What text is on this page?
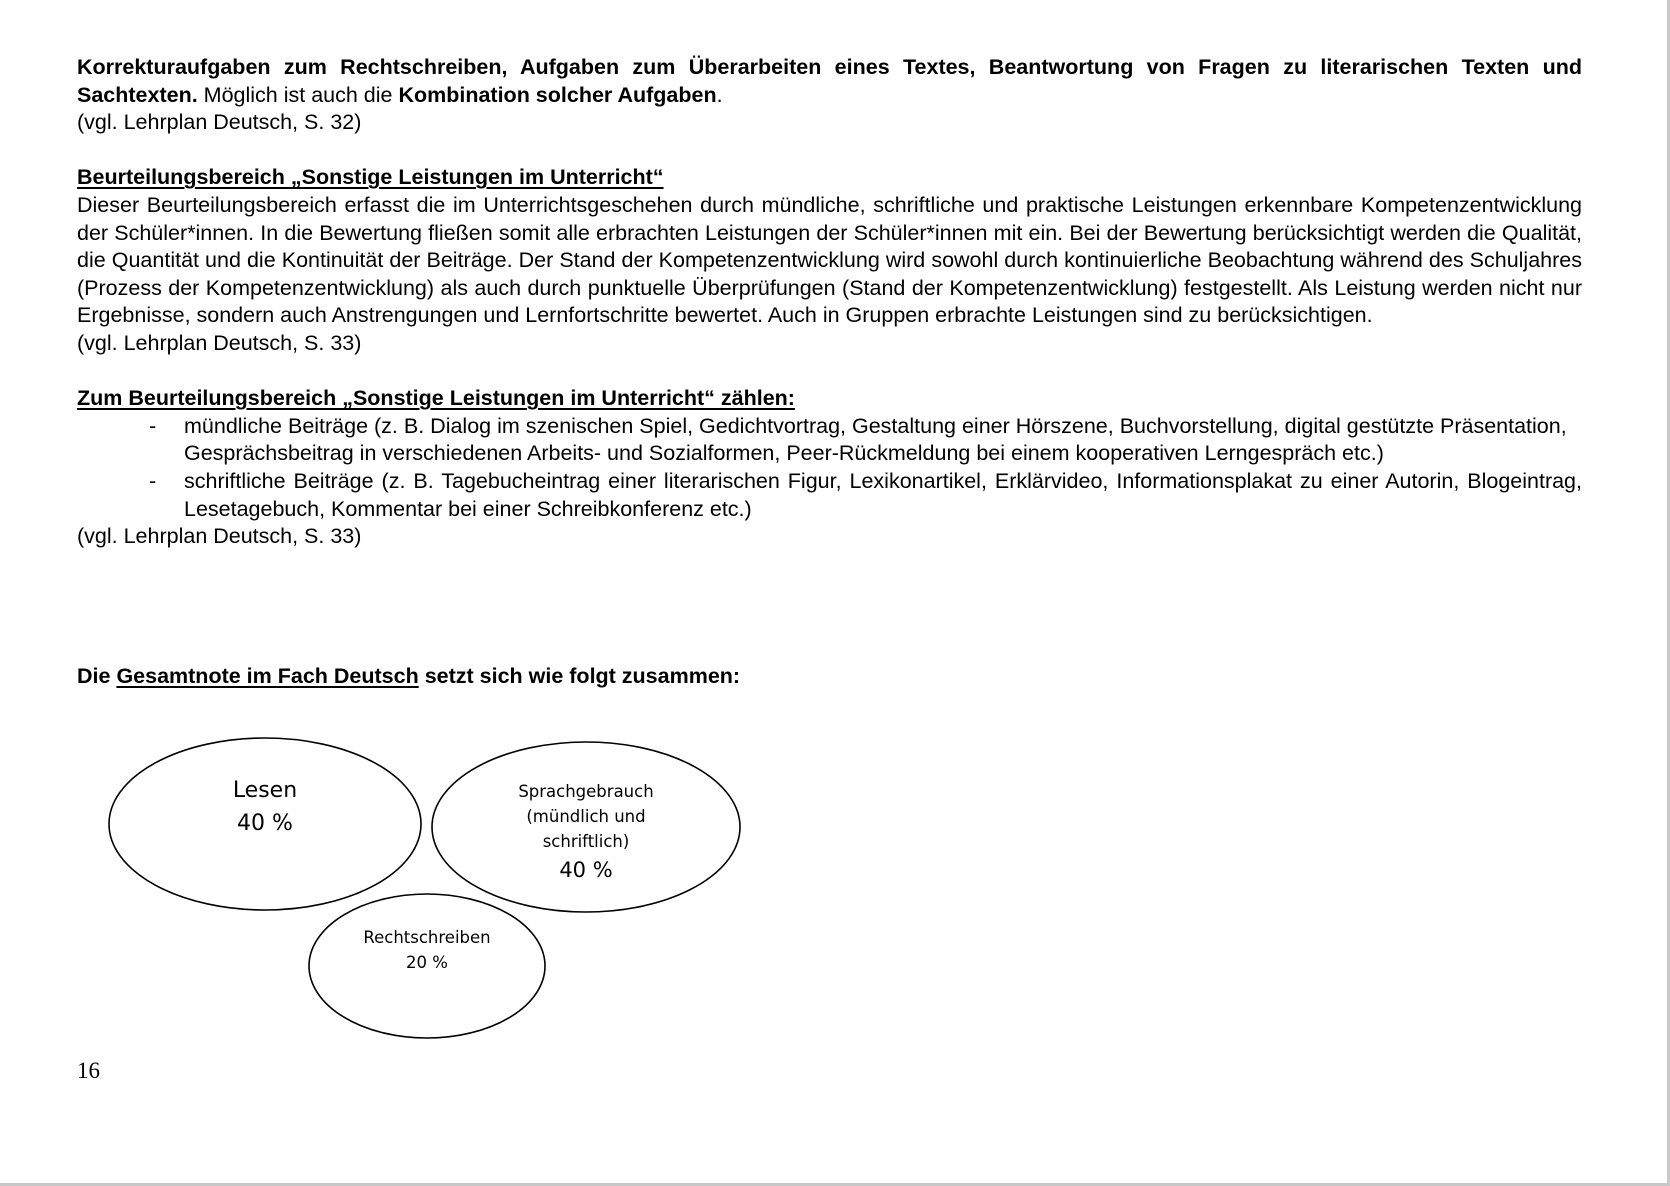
Korrekturaufgaben zum Rechtschreiben, Aufgaben zum Überarbeiten eines Textes, Beantwortung von Fragen zu literarischen Texten und Sachtexten. Möglich ist auch die Kombination solcher Aufgaben.

(vgl. Lehrplan Deutsch, S. 32)

Beurteilungsbereich „Sonstige Leistungen im Unterricht“

Dieser Beurteilungsbereich erfasst die im Unterrichtsgeschehen durch mündliche, schriftliche und praktische Leistungen erkennbare Kompetenzentwicklung der Schüler*innen. In die Bewertung fließen somit alle erbrachten Leistungen der Schüler*innen mit ein. Bei der Bewertung berücksichtigt werden die Qualität, die Quantität und die Kontinuität der Beiträge. Der Stand der Kompetenzentwicklung wird sowohl durch kontinuierliche Beobachtung während des Schuljahres (Prozess der Kompetenzentwicklung) als auch durch punktuelle Überprüfungen (Stand der Kompetenzentwicklung) festgestellt. Als Leistung werden nicht nur Ergebnisse, sondern auch Anstrengungen und Lernfortschritte bewertet. Auch in Gruppen erbrachte Leistungen sind zu berücksichtigen.

(vgl. Lehrplan Deutsch, S. 33)

Zum Beurteilungsbereich „Sonstige Leistungen im Unterricht“ zählen:

- mündliche Beiträge (z. B. Dialog im szenischen Spiel, Gedichtvortrag, Gestaltung einer Hörszene, Buchvorstellung, digital gestützte Präsentation, Gesprächsbeitrag in verschiedenen Arbeits- und Sozialformen, Peer-Rückmeldung bei einem kooperativen Lerngespräch etc.)
- schriftliche Beiträge (z. B. Tagebucheintrag einer literarischen Figur, Lexikonartikel, Erklärvideo, Informationsplakat zu einer Autorin, Blogeintrag, Lesetagebuch, Kommentar bei einer Schreibkonferenz etc.)

(vgl. Lehrplan Deutsch, S. 33)

Die Gesamtnote im Fach Deutsch setzt sich wie folgt zusammen:

Lesen
40 %
Sprachgebrauch
(mündlich und
schriftlich)
40 %
Rechtschreiben
20 %
16
